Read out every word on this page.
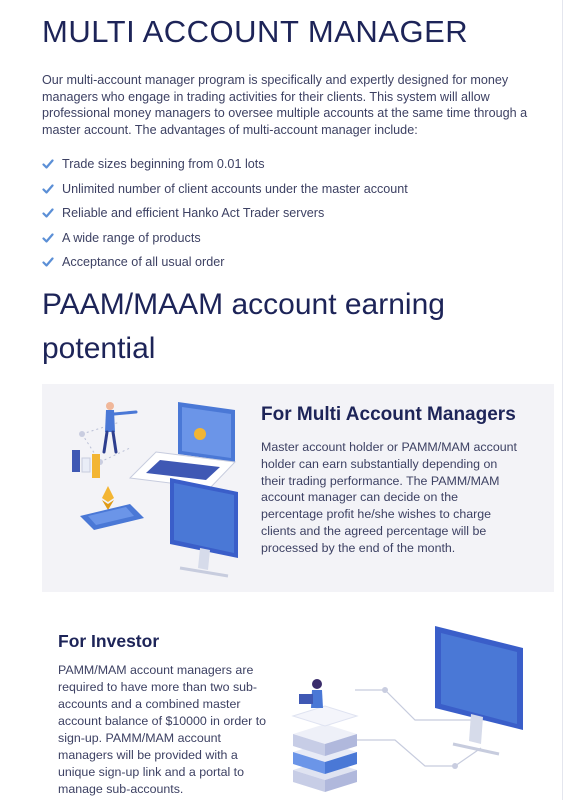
MULTI ACCOUNT MANAGER

Our multi-account manager program is specifically and expertly designed for money managers who engage in trading activities for their clients. This system will allow professional money managers to oversee multiple accounts at the same time through a master account. The advantages of multi-account manager include:

Trade sizes beginning from 0.01 lots
Unlimited number of client accounts under the master account
Reliable and efficient Hanko Act Trader servers
A wide range of products
Acceptance of all usual order
PAAM/MAAM account earning potential
For Multi Account Managers

Master account holder or PAMM/MAM account holder can earn substantially depending on their trading performance. The PAMM/MAM account manager can decide on the percentage profit he/she wishes to charge clients and the agreed percentage will be processed by the end of the month.

For Investor

PAMM/MAM account managers are required to have more than two sub-accounts and a combined master account balance of $10000 in order to sign-up. PAMM/MAM account managers will be provided with a unique sign-up link and a portal to manage sub-accounts.
